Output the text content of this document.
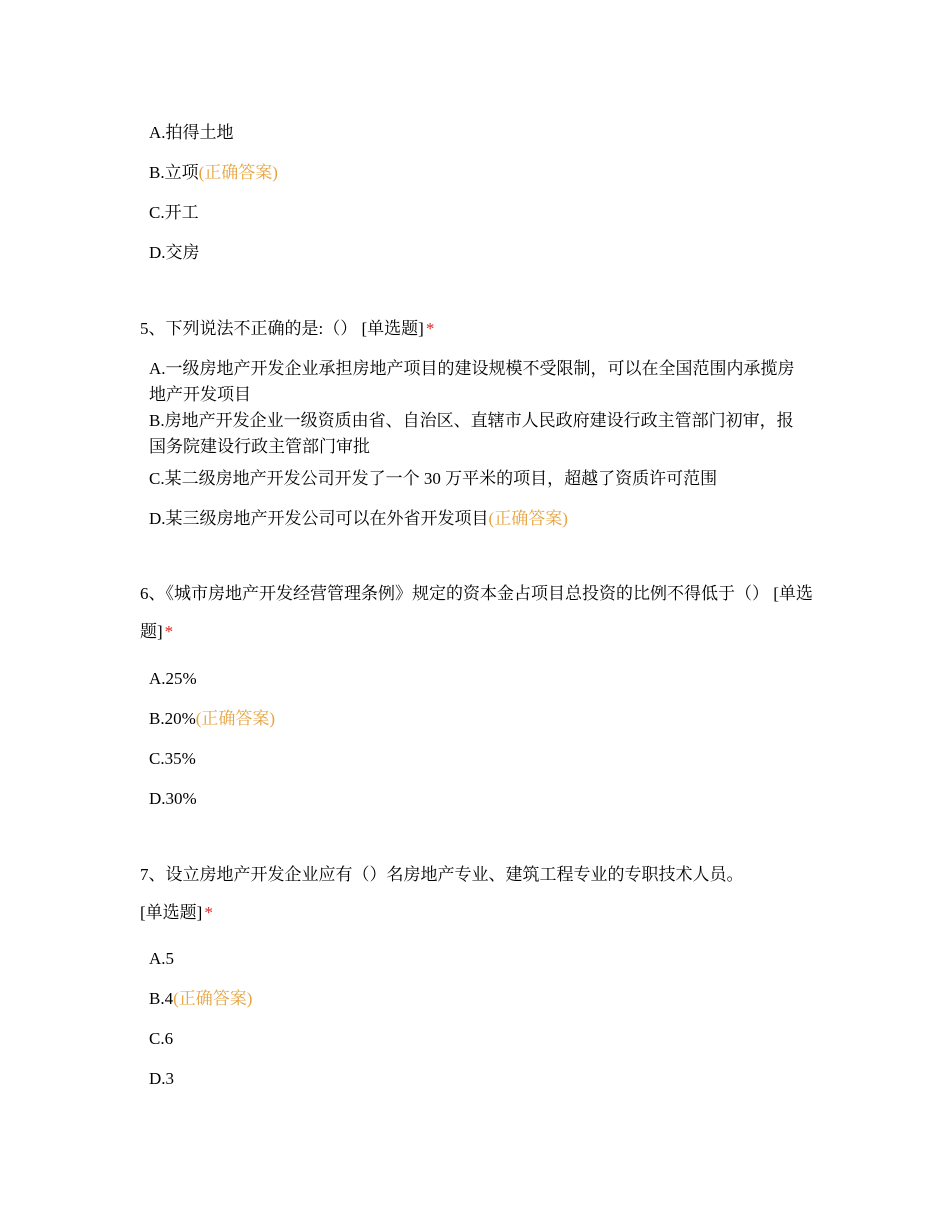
A.拍得土地
B.立项(正确答案)
C.开工
D.交房

5、下列说法不正确的是:（） [单选题] *

A.一级房地产开发企业承担房地产项目的建设规模不受限制，可以在全国范围内承揽房地产开发项目
B.房地产开发企业一级资质由省、自治区、直辖市人民政府建设行政主管部门初审，报国务院建设行政主管部门审批
C.某二级房地产开发公司开发了一个 30 万平米的项目，超越了资质许可范围
D.某三级房地产开发公司可以在外省开发项目(正确答案)

6、《城市房地产开发经营管理条例》规定的资本金占项目总投资的比例不得低于（） [单选题] *

A.25%
B.20%(正确答案)
C.35%
D.30%

7、设立房地产开发企业应有（）名房地产专业、建筑工程专业的专职技术人员。
[单选题] *

A.5
B.4(正确答案)
C.6
D.3
